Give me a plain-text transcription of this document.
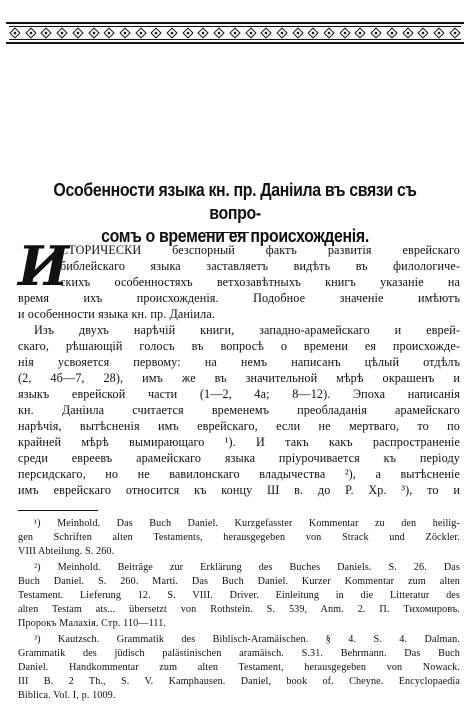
Особенности языка кн. пр. Даніила въ связи съ вопро-
сомъ о времени ея происхожденія.
И
СТОРИЧЕСКИ безспорный фактъ развитія еврейскаго
библейскаго языка заставляетъ видѣть въ филологиче-
скихъ особенностяхъ ветхозавѣтныхъ книгъ указаніе на
время ихъ происхожденія. Подобное значеніе имѣютъ
и особенности языка кн. пр. Даніила.
Изъ двухъ нарѣчій книги, западно-арамейскаго и еврей-
скаго, рѣшающій голосъ въ вопросѣ о времени ея происхожде-
нія усвояется первому: на немъ написанъ цѣлый отдѣлъ
(2, 4б—7, 28), имъ же въ значительной мѣрѣ окрашенъ и
языкъ еврейской части (1—2, 4а; 8—12). Эпоха написанія
кн. Даніила считается временемъ преобладанія арамейскаго
нарѣчія, вытѣсненія имъ еврейскаго, если не мертваго, то по
крайней мѣрѣ вымирающаго ¹). И такъ какъ распространеніе
среди евреевъ арамейскаго языка пріурочивается къ періоду
персидскаго, но не вавилонскаго владычества ²), а вытѣсненіе
имъ еврейскаго относится къ концу Ш в. до Р. Хр. ³), то и
¹) Meinhold. Das Buch Daniel. Kurzgefasster Kommentar zu den heilig-
gen Schriften alten Testaments, herausgegeben von Strack und Zöckler.
VIII Abteilung. S. 260.
²) Meinhold. Beiträge zur Erklärung des Buches Daniels. S. 26. Das
Buch Daniel. S. 260. Marti. Das Buch Daniel. Kurzer Kommentar zum alten
Testament. Lieferung 12. S. VIII. Driver. Einleitung in die Litteratur des
alten Testam ats... übersetzt von Rothstein. S. 539, Anm. 2. П. Тихомировъ.
Пророкъ Малахія. Стр. 110—111.
³) Kautzsch. Grammatik des Biblisch-Aramäischen. § 4. S. 4. Dalman.
Grammatik des jüdisch palästinischen aramäisch. S.31. Behrmann. Das Buch
Daniel. Handkommentar zum alten Testament, herausgegeben von Nowack.
III B. 2 Th., S. V. Kamphausen. Daniel, book of. Cheyne. Encyclopaedia
Biblica. Vol. I, p. 1009.
